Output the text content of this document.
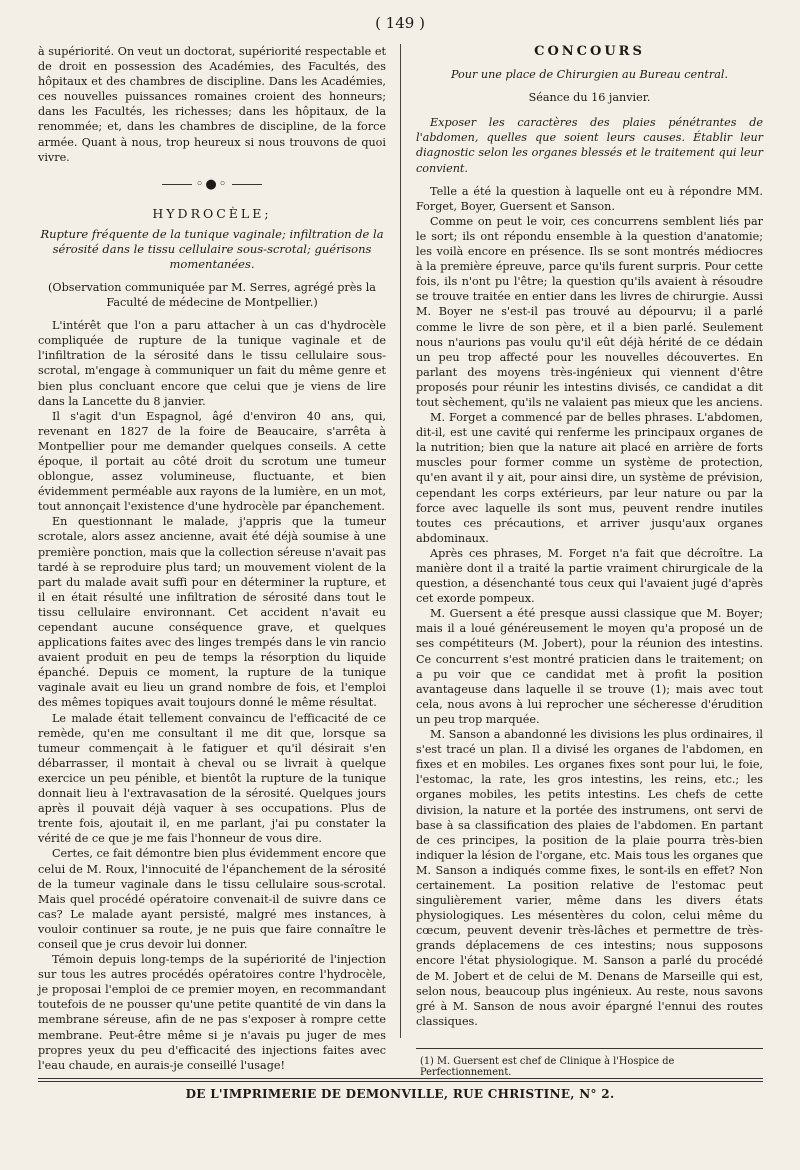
( 149 )

à supériorité. On veut un doctorat, supériorité respectable et de droit en possession des Académies, des Facultés, des hôpitaux et des chambres de discipline. Dans les Académies, ces nouvelles puissances romaines croient des honneurs; dans les Facultés, les richesses; dans les hôpitaux, de la renommée; et, dans les chambres de discipline, de la force armée. Quant à nous, trop heureux si nous trouvons de quoi vivre.

◦●◦
HYDROCÈLE;
Rupture fréquente de la tunique vaginale; infiltration de la sérosité dans le tissu cellulaire sous-scrotal; guérisons momentanées.

(Observation communiquée par M. Serres, agrégé près la Faculté de médecine de Montpellier.)

L'intérêt que l'on a paru attacher à un cas d'hydrocèle compliquée de rupture de la tunique vaginale et de l'infiltration de la sérosité dans le tissu cellulaire sous-scrotal, m'engage à communiquer un fait du même genre et bien plus concluant encore que celui que je viens de lire dans la Lancette du 8 janvier.

Il s'agit d'un Espagnol, âgé d'environ 40 ans, qui, revenant en 1827 de la foire de Beaucaire, s'arrêta à Montpellier pour me demander quelques conseils. A cette époque, il portait au côté droit du scrotum une tumeur oblongue, assez volumineuse, fluctuante, et bien évidemment perméable aux rayons de la lumière, en un mot, tout annonçait l'existence d'une hydrocèle par épanchement.

En questionnant le malade, j'appris que la tumeur scrotale, alors assez ancienne, avait été déjà soumise à une première ponction, mais que la collection séreuse n'avait pas tardé à se reproduire plus tard; un mouvement violent de la part du malade avait suffi pour en déterminer la rupture, et il en était résulté une infiltration de sérosité dans tout le tissu cellulaire environnant. Cet accident n'avait eu cependant aucune conséquence grave, et quelques applications faites avec des linges trempés dans le vin rancio avaient produit en peu de temps la résorption du liquide épanché. Depuis ce moment, la rupture de la tunique vaginale avait eu lieu un grand nombre de fois, et l'emploi des mêmes topiques avait toujours donné le même résultat.

Le malade était tellement convaincu de l'efficacité de ce remède, qu'en me consultant il me dit que, lorsque sa tumeur commençait à le fatiguer et qu'il désirait s'en débarrasser, il montait à cheval ou se livrait à quelque exercice un peu pénible, et bientôt la rupture de la tunique donnait lieu à l'extravasation de la sérosité. Quelques jours après il pouvait déjà vaquer à ses occupations. Plus de trente fois, ajoutait il, en me parlant, j'ai pu constater la vérité de ce que je me fais l'honneur de vous dire.

Certes, ce fait démontre bien plus évidemment encore que celui de M. Roux, l'innocuité de l'épanchement de la sérosité de la tumeur vaginale dans le tissu cellulaire sous-scrotal. Mais quel procédé opératoire convenait-il de suivre dans ce cas? Le malade ayant persisté, malgré mes instances, à vouloir continuer sa route, je ne puis que faire connaître le conseil que je crus devoir lui donner.

Témoin depuis long-temps de la supériorité de l'injection sur tous les autres procédés opératoires contre l'hydrocèle, je proposai l'emploi de ce premier moyen, en recommandant toutefois de ne pousser qu'une petite quantité de vin dans la membrane séreuse, afin de ne pas s'exposer à rompre cette membrane. Peut-être même si je n'avais pu juger de mes propres yeux du peu d'efficacité des injections faites avec l'eau chaude, en aurais-je conseillé l'usage!

CONCOURS
Pour une place de Chirurgien au Bureau central.
Séance du 16 janvier.
Exposer les caractères des plaies pénétrantes de l'abdomen, quelles que soient leurs causes. Établir leur diagnostic selon les organes blessés et le traitement qui leur convient.

Telle a été la question à laquelle ont eu à répondre MM. Forget, Boyer, Guersent et Sanson.

Comme on peut le voir, ces concurrens semblent liés par le sort; ils ont répondu ensemble à la question d'anatomie; les voilà encore en présence. Ils se sont montrés médiocres à la première épreuve, parce qu'ils furent surpris. Pour cette fois, ils n'ont pu l'être; la question qu'ils avaient à résoudre se trouve traitée en entier dans les livres de chirurgie. Aussi M. Boyer ne s'est-il pas trouvé au dépourvu; il a parlé comme le livre de son père, et il a bien parlé. Seulement nous n'aurions pas voulu qu'il eût déjà hérité de ce dédain un peu trop affecté pour les nouvelles découvertes. En parlant des moyens très-ingénieux qui viennent d'être proposés pour réunir les intestins divisés, ce candidat a dit tout sèchement, qu'ils ne valaient pas mieux que les anciens.

M. Forget a commencé par de belles phrases. L'abdomen, dit-il, est une cavité qui renferme les principaux organes de la nutrition; bien que la nature ait placé en arrière de forts muscles pour former comme un système de protection, qu'en avant il y ait, pour ainsi dire, un système de prévision, cependant les corps extérieurs, par leur nature ou par la force avec laquelle ils sont mus, peuvent rendre inutiles toutes ces précautions, et arriver jusqu'aux organes abdominaux.

Après ces phrases, M. Forget n'a fait que décroître. La manière dont il a traité la partie vraiment chirurgicale de la question, a désenchanté tous ceux qui l'avaient jugé d'après cet exorde pompeux.

M. Guersent a été presque aussi classique que M. Boyer; mais il a loué généreusement le moyen qu'a proposé un de ses compétiteurs (M. Jobert), pour la réunion des intestins. Ce concurrent s'est montré praticien dans le traitement; on a pu voir que ce candidat met à profit la position avantageuse dans laquelle il se trouve (1); mais avec tout cela, nous avons à lui reprocher une sécheresse d'érudition un peu trop marquée.

M. Sanson a abandonné les divisions les plus ordinaires, il s'est tracé un plan. Il a divisé les organes de l'abdomen, en fixes et en mobiles. Les organes fixes sont pour lui, le foie, l'estomac, la rate, les gros intestins, les reins, etc.; les organes mobiles, les petits intestins. Les chefs de cette division, la nature et la portée des instrumens, ont servi de base à sa classification des plaies de l'abdomen. En partant de ces principes, la position de la plaie pourra très-bien indiquer la lésion de l'organe, etc. Mais tous les organes que M. Sanson a indiqués comme fixes, le sont-ils en effet? Non certainement. La position relative de l'estomac peut singulièrement varier, même dans les divers états physiologiques. Les mésentères du colon, celui même du cœcum, peuvent devenir très-lâches et permettre de très-grands déplacemens de ces intestins; nous supposons encore l'état physiologique. M. Sanson a parlé du procédé de M. Jobert et de celui de M. Denans de Marseille qui est, selon nous, beaucoup plus ingénieux. Au reste, nous savons gré à M. Sanson de nous avoir épargné l'ennui des routes classiques.

(1) M. Guersent est chef de Clinique à l'Hospice de Perfectionnement.
DE L'IMPRIMERIE DE DEMONVILLE, RUE CHRISTINE, N° 2.
